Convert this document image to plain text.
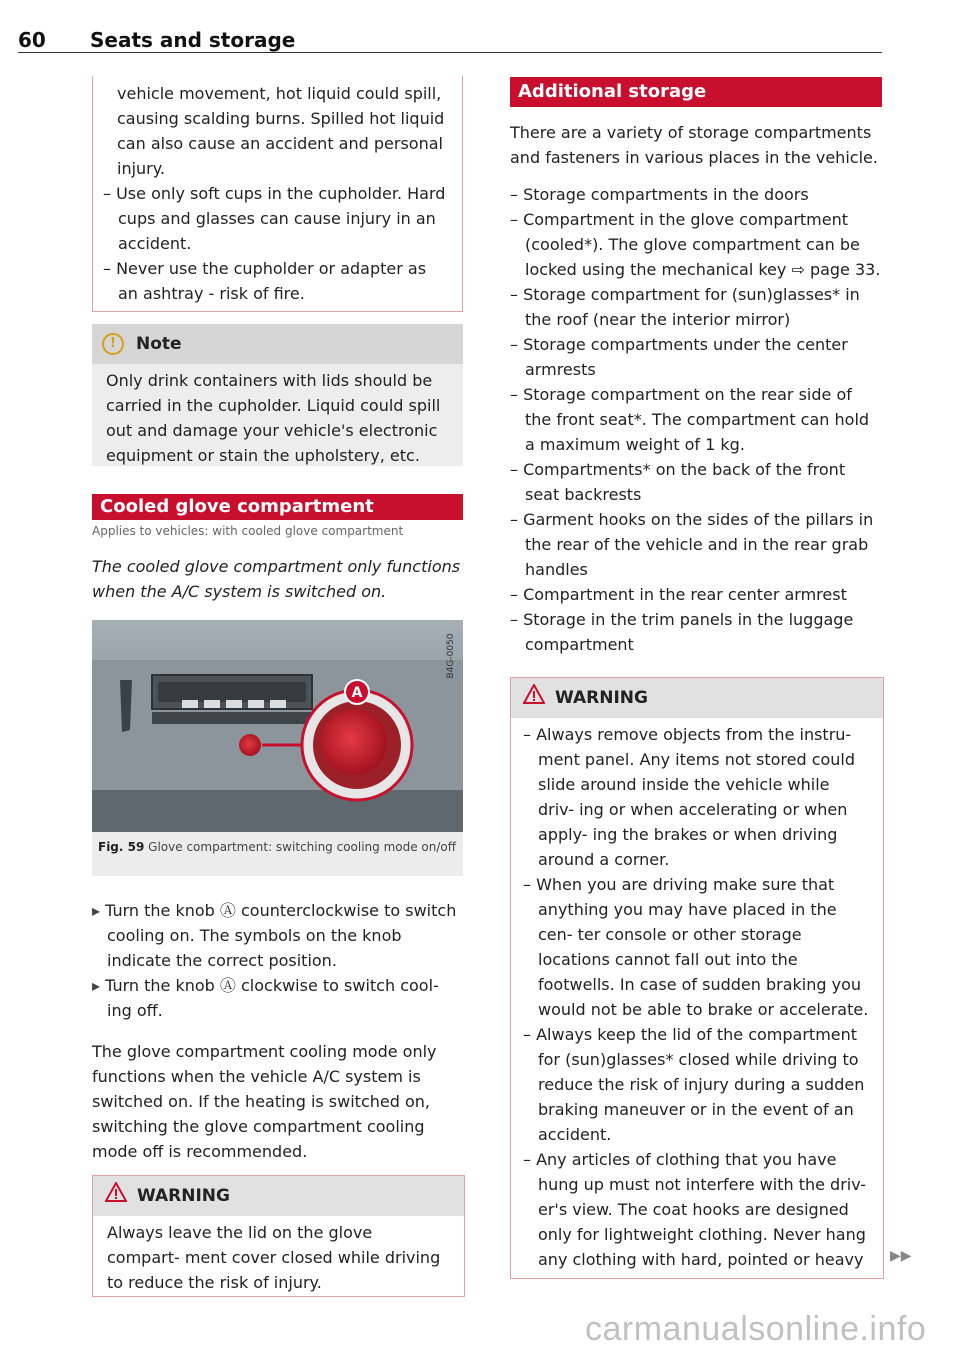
60 Seats and storage

vehicle movement, hot liquid could spill,

causing scalding burns. Spilled hot liquid

can also cause an accident and personal

injury.

– Use only soft cups in the cupholder. Hard cups and glasses can cause injury in an accident.

– Never use the cupholder or adapter as an ashtray - risk of fire.

!	Note

Only drink containers with lids should be carried in the cupholder. Liquid could spill out and damage your vehicle's electronic equipment or stain the upholstery, etc.

Cooled glove compartment
Applies to vehicles: with cooled glove compartment
The cooled glove compartment only functions when the A/C system is switched on.
A
B4G-0050
Fig. 59 Glove compartment: switching cooling mode on/off

▸ Turn the knob Ⓐ counterclockwise to switch cooling on. The symbols on the knob indicate the correct position.

▸ Turn the knob Ⓐ clockwise to switch cool- ing off.

The glove compartment cooling mode only functions when the vehicle A/C system is switched on. If the heating is switched on, switching the glove compartment cooling mode off is recommended.
WARNING

Always leave the lid on the glove compart- ment cover closed while driving to reduce the risk of injury.

Additional storage
There are a variety of storage compartments and fasteners in various places in the vehicle.

– Storage compartments in the doors

– Compartment in the glove compartment (cooled*). The glove compartment can be locked using the mechanical key ⇨ page 33.

– Storage compartment for (sun)glasses* in the roof (near the interior mirror)

– Storage compartments under the center armrests

– Storage compartment on the rear side of the front seat*. The compartment can hold a maximum weight of 1 kg.

– Compartments* on the back of the front seat backrests

– Garment hooks on the sides of the pillars in the rear of the vehicle and in the rear grab handles

– Compartment in the rear center armrest

– Storage in the trim panels in the luggage compartment

WARNING

– Always remove objects from the instru- ment panel. Any items not stored could slide around inside the vehicle while driv- ing or when accelerating or when apply- ing the brakes or when driving around a corner.

– When you are driving make sure that anything you may have placed in the cen- ter console or other storage locations cannot fall out into the footwells. In case of sudden braking you would not be able to brake or accelerate.

– Always keep the lid of the compartment for (sun)glasses* closed while driving to reduce the risk of injury during a sudden braking maneuver or in the event of an accident.

– Any articles of clothing that you have hung up must not interfere with the driv- er's view. The coat hooks are designed only for lightweight clothing. Never hang any clothing with hard, pointed or heavy	▶▶
carmanualsonline.info
